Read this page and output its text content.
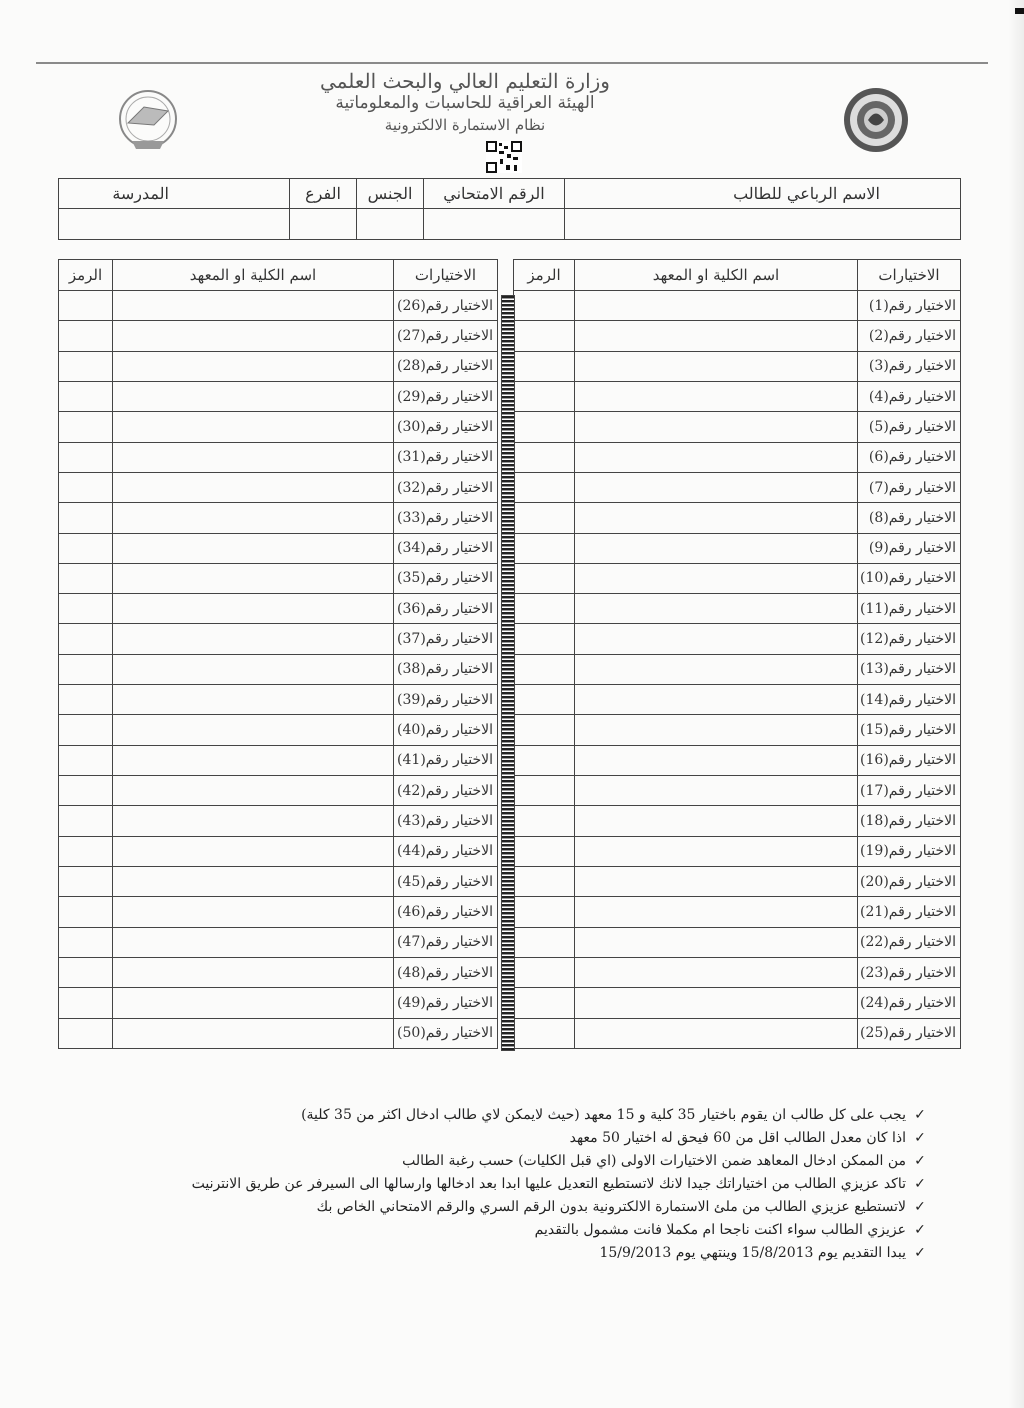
وزارة التعليم العالي والبحث العلمي
الهيئة العراقية للحاسبات والمعلوماتية
نظام الاستمارة الالكترونية
الاسم الرباعي للطالب	الرقم الامتحاني	الجنس	الفرع	المدرسة

الاختيارات	اسم الكلية او المعهد	الرمز
الاختيار رقم(1)		
الاختيار رقم(2)		
الاختيار رقم(3)		
الاختيار رقم(4)		
الاختيار رقم(5)		
الاختيار رقم(6)		
الاختيار رقم(7)		
الاختيار رقم(8)		
الاختيار رقم(9)		
الاختيار رقم(10)		
الاختيار رقم(11)		
الاختيار رقم(12)		
الاختيار رقم(13)		
الاختيار رقم(14)		
الاختيار رقم(15)		
الاختيار رقم(16)		
الاختيار رقم(17)		
الاختيار رقم(18)		
الاختيار رقم(19)		
الاختيار رقم(20)		
الاختيار رقم(21)		
الاختيار رقم(22)		
الاختيار رقم(23)		
الاختيار رقم(24)		
الاختيار رقم(25)		
الاختيارات	اسم الكلية او المعهد	الرمز
الاختيار رقم(26)		
الاختيار رقم(27)		
الاختيار رقم(28)		
الاختيار رقم(29)		
الاختيار رقم(30)		
الاختيار رقم(31)		
الاختيار رقم(32)		
الاختيار رقم(33)		
الاختيار رقم(34)		
الاختيار رقم(35)		
الاختيار رقم(36)		
الاختيار رقم(37)		
الاختيار رقم(38)		
الاختيار رقم(39)		
الاختيار رقم(40)		
الاختيار رقم(41)		
الاختيار رقم(42)		
الاختيار رقم(43)		
الاختيار رقم(44)		
الاختيار رقم(45)		
الاختيار رقم(46)		
الاختيار رقم(47)		
الاختيار رقم(48)		
الاختيار رقم(49)		
الاختيار رقم(50)		
✓يجب على كل طالب ان يقوم باختيار 35 كلية و 15 معهد (حيث لايمكن لاي طالب ادخال اكثر من 35 كلية)
✓اذا كان معدل الطالب اقل من 60 فيحق له اختيار 50 معهد
✓من الممكن ادخال المعاهد ضمن الاختيارات الاولى (اي قبل الكليات) حسب رغبة الطالب
✓تاكد عزيزي الطالب من اختياراتك جيدا لانك لاتستطيع التعديل عليها ابدا بعد ادخالها وارسالها الى السيرفر عن طريق الانترنيت
✓لاتستطيع عزيزي الطالب من ملئ الاستمارة الالكترونية بدون الرقم السري والرقم الامتحاني الخاص بك
✓عزيزي الطالب سواء اكنت ناجحا ام مكملا فانت مشمول بالتقديم
✓يبدا التقديم يوم 15/8/2013 وينتهي يوم 15/9/2013
